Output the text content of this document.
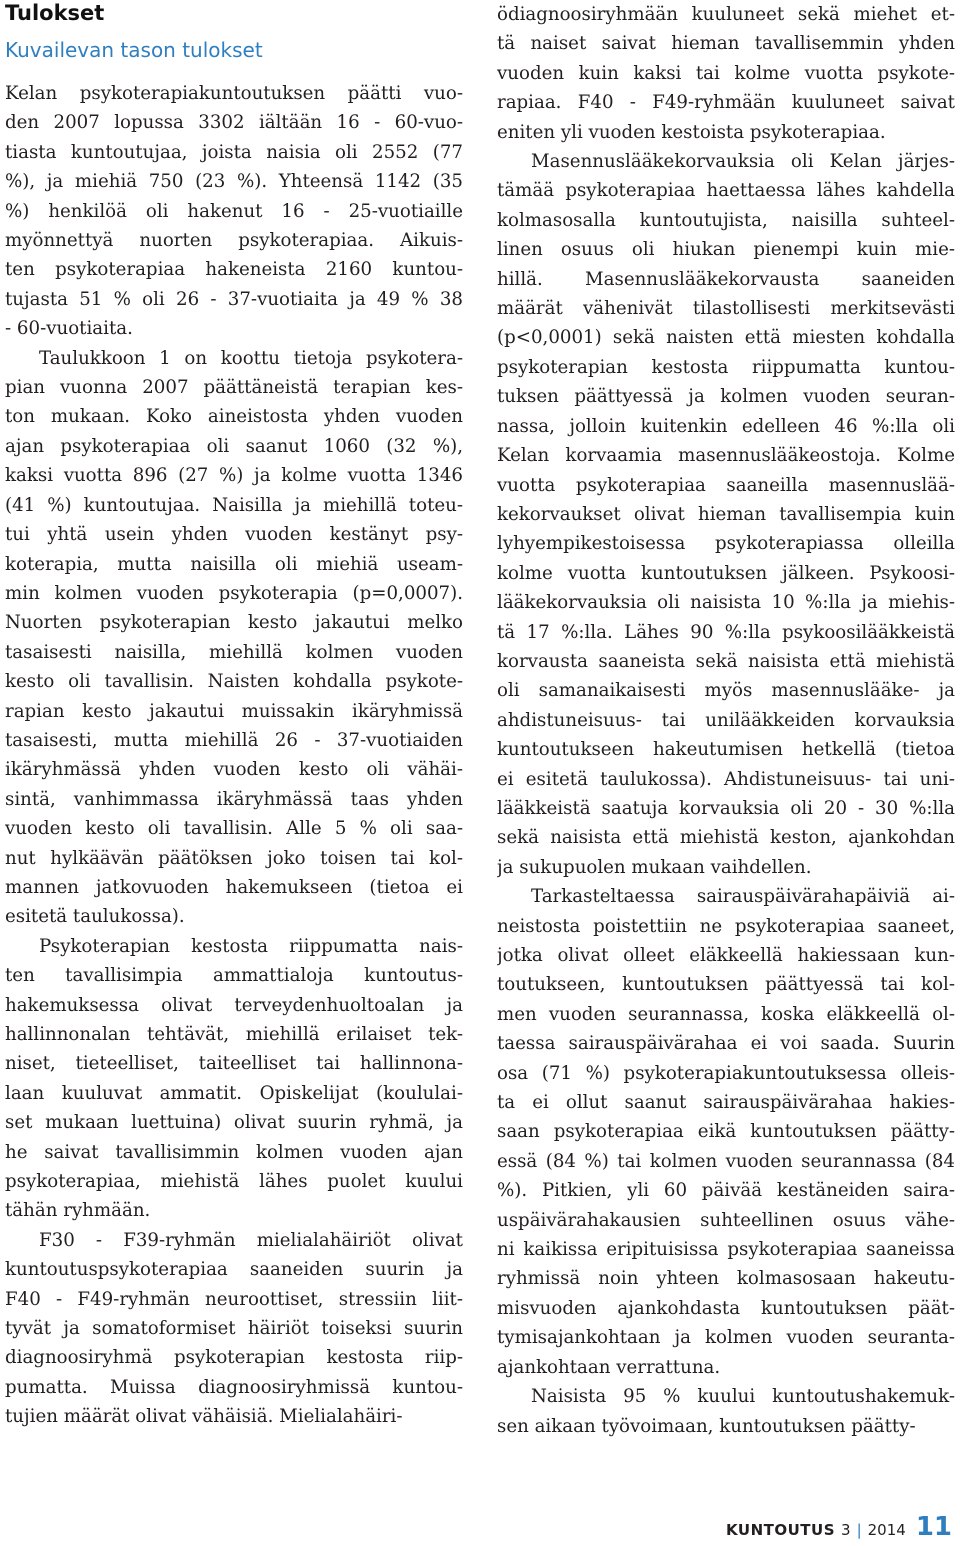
Tulokset
Kuvailevan tason tulokset
Kelan psykoterapiakuntoutuksen päätti vuo-
den 2007 lopussa 3302 iältään 16 - 60-vuo-
tiasta kuntoutujaa, joista naisia oli 2552 (77
%), ja miehiä 750 (23 %). Yhteensä 1142 (35
%) henkilöä oli hakenut 16 - 25-vuotiaille
myönnettyä nuorten psykoterapiaa. Aikuis-
ten psykoterapiaa hakeneista 2160 kuntou-
tujasta 51 % oli 26 - 37-vuotiaita ja 49 % 38
- 60-vuotiaita.
Taulukkoon 1 on koottu tietoja psykotera-
pian vuonna 2007 päättäneistä terapian kes-
ton mukaan. Koko aineistosta yhden vuoden
ajan psykoterapiaa oli saanut 1060 (32 %),
kaksi vuotta 896 (27 %) ja kolme vuotta 1346
(41 %) kuntoutujaa. Naisilla ja miehillä toteu-
tui yhtä usein yhden vuoden kestänyt psy-
koterapia, mutta naisilla oli miehiä useam-
min kolmen vuoden psykoterapia (p=0,0007).
Nuorten psykoterapian kesto jakautui melko
tasaisesti naisilla, miehillä kolmen vuoden
kesto oli tavallisin. Naisten kohdalla psykote-
rapian kesto jakautui muissakin ikäryhmissä
tasaisesti, mutta miehillä 26 - 37-vuotiaiden
ikäryhmässä yhden vuoden kesto oli vähäi-
sintä, vanhimmassa ikäryhmässä taas yhden
vuoden kesto oli tavallisin. Alle 5 % oli saa-
nut hylkäävän päätöksen joko toisen tai kol-
mannen jatkovuoden hakemukseen (tietoa ei
esitetä taulukossa).
Psykoterapian kestosta riippumatta nais-
ten tavallisimpia ammattialoja kuntoutus-
hakemuksessa olivat terveydenhuoltoalan ja
hallinnonalan tehtävät, miehillä erilaiset tek-
niset, tieteelliset, taiteelliset tai hallinnona-
laan kuuluvat ammatit. Opiskelijat (koululai-
set mukaan luettuina) olivat suurin ryhmä, ja
he saivat tavallisimmin kolmen vuoden ajan
psykoterapiaa, miehistä lähes puolet kuului
tähän ryhmään.
F30 - F39-ryhmän mielialahäiriöt olivat
kuntoutuspsykoterapiaa saaneiden suurin ja
F40 - F49-ryhmän neuroottiset, stressiin liit-
tyvät ja somatoformiset häiriöt toiseksi suurin
diagnoosiryhmä psykoterapian kestosta riip-
pumatta. Muissa diagnoosiryhmissä kuntou-
tujien määrät olivat vähäisiä. Mielialahäiri-
ödiagnoosiryhmään kuuluneet sekä miehet et-
tä naiset saivat hieman tavallisemmin yhden
vuoden kuin kaksi tai kolme vuotta psykote-
rapiaa. F40 - F49-ryhmään kuuluneet saivat
eniten yli vuoden kestoista psykoterapiaa.
Masennuslääkekorvauksia oli Kelan järjes-
tämää psykoterapiaa haettaessa lähes kahdella
kolmasosalla kuntoutujista, naisilla suhteel-
linen osuus oli hiukan pienempi kuin mie-
hillä. Masennuslääkekorvausta saaneiden
määrät vähenivät tilastollisesti merkitsevästi
(p<0,0001) sekä naisten että miesten kohdalla
psykoterapian kestosta riippumatta kuntou-
tuksen päättyessä ja kolmen vuoden seuran-
nassa, jolloin kuitenkin edelleen 46 %:lla oli
Kelan korvaamia masennuslääkeostoja. Kolme
vuotta psykoterapiaa saaneilla masennuslää-
kekorvaukset olivat hieman tavallisempia kuin
lyhyempikestoisessa psykoterapiassa olleilla
kolme vuotta kuntoutuksen jälkeen. Psykoosi-
lääkekorvauksia oli naisista 10 %:lla ja miehis-
tä 17 %:lla. Lähes 90 %:lla psykoosilääkkeistä
korvausta saaneista sekä naisista että miehistä
oli samanaikaisesti myös masennuslääke- ja
ahdistuneisuus- tai unilääkkeiden korvauksia
kuntoutukseen hakeutumisen hetkellä (tietoa
ei esitetä taulukossa). Ahdistuneisuus- tai uni-
lääkkeistä saatuja korvauksia oli 20 - 30 %:lla
sekä naisista että miehistä keston, ajankohdan
ja sukupuolen mukaan vaihdellen.
Tarkasteltaessa sairauspäivärahapäiviä ai-
neistosta poistettiin ne psykoterapiaa saaneet,
jotka olivat olleet eläkkeellä hakiessaan kun-
toutukseen, kuntoutuksen päättyessä tai kol-
men vuoden seurannassa, koska eläkkeellä ol-
taessa sairauspäivärahaa ei voi saada. Suurin
osa (71 %) psykoterapiakuntoutuksessa olleis-
ta ei ollut saanut sairauspäivärahaa hakies-
saan psykoterapiaa eikä kuntoutuksen päätty-
essä (84 %) tai kolmen vuoden seurannassa (84
%). Pitkien, yli 60 päivää kestäneiden saira-
uspäivärahakausien suhteellinen osuus vähe-
ni kaikissa eripituisissa psykoterapiaa saaneissa
ryhmissä noin yhteen kolmasosaan hakeutu-
misvuoden ajankohdasta kuntoutuksen päät-
tymisajankohtaan ja kolmen vuoden seuranta-
ajankohtaan verrattuna.
Naisista 95 % kuului kuntoutushakemuk-
sen aikaan työvoimaan, kuntoutuksen päätty-
KUNTOUTUS 3 | 2014 11
